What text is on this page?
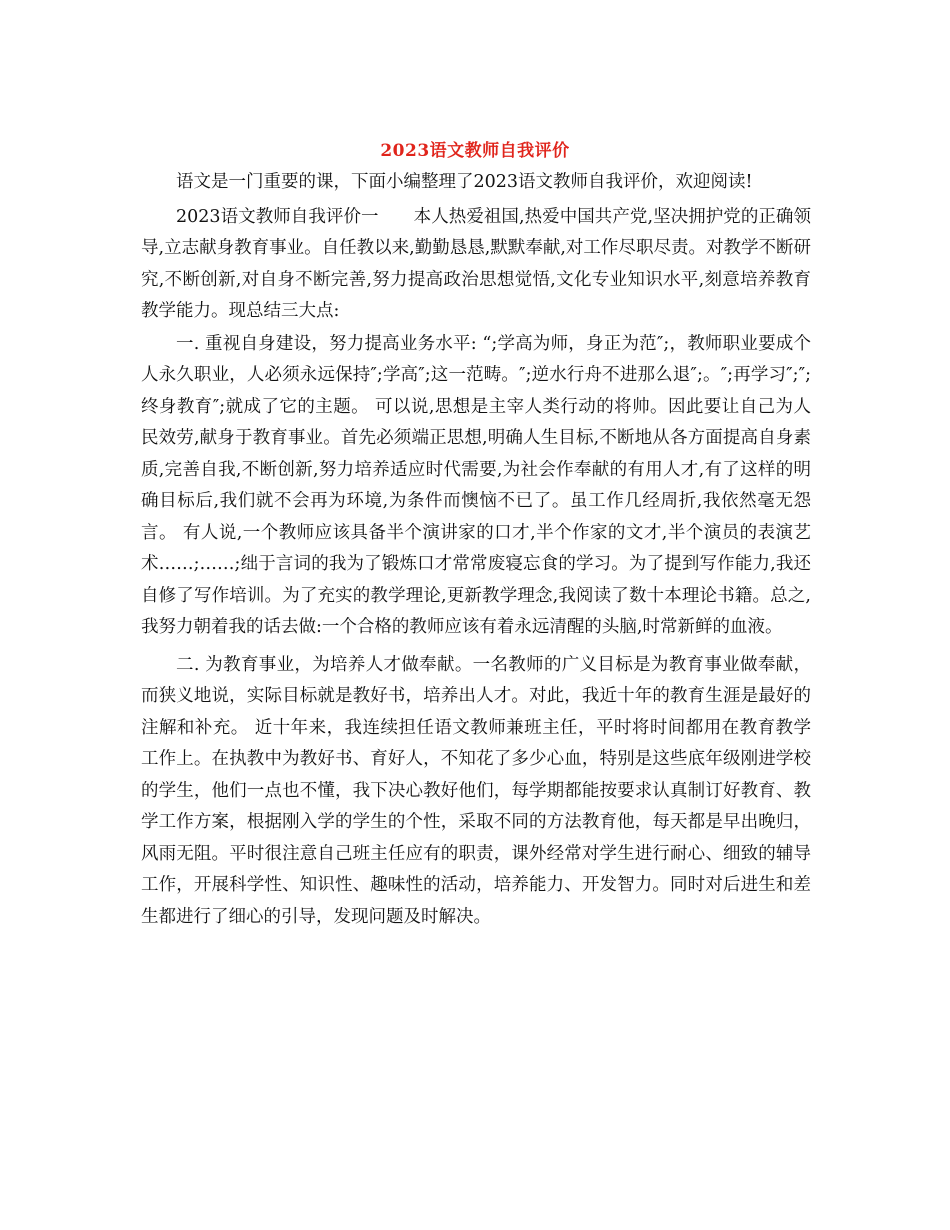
2023语文教师自我评价

语文是一门重要的课，下面小编整理了2023语文教师自我评价，欢迎阅读!

2023语文教师自我评价一　　本人热爱祖国,热爱中国共产党,坚决拥护党的正确领导,立志献身教育事业。自任教以来,勤勤恳恳,默默奉献,对工作尽职尽责。对教学不断研究,不断创新,对自身不断完善,努力提高政治思想觉悟,文化专业知识水平,刻意培养教育教学能力。现总结三大点:

一. 重视自身建设，努力提高业务水平: “;学高为师，身正为范″;，教师职业要成个人永久职业，人必须永远保持″;学高″;这一范畴。″;逆水行舟不进那么退″;。″;再学习″;″;终身教育″;就成了它的主题。 可以说,思想是主宰人类行动的将帅。因此要让自己为人民效劳,献身于教育事业。首先必须端正思想,明确人生目标,不断地从各方面提高自身素质,完善自我,不断创新,努力培养适应时代需要,为社会作奉献的有用人才,有了这样的明确目标后,我们就不会再为环境,为条件而懊恼不已了。虽工作几经周折,我依然毫无怨言。 有人说,一个教师应该具备半个演讲家的口才,半个作家的文才,半个演员的表演艺术……;……;绌于言词的我为了锻炼口才常常废寝忘食的学习。为了提到写作能力,我还自修了写作培训。为了充实的教学理论,更新教学理念,我阅读了数十本理论书籍。总之,我努力朝着我的话去做:一个合格的教师应该有着永远清醒的头脑,时常新鲜的血液。

二. 为教育事业，为培养人才做奉献。一名教师的广义目标是为教育事业做奉献，而狭义地说，实际目标就是教好书，培养出人才。对此，我近十年的教育生涯是最好的注解和补充。 近十年来，我连续担任语文教师兼班主任，平时将时间都用在教育教学工作上。在执教中为教好书、育好人，不知花了多少心血，特别是这些底年级刚进学校的学生，他们一点也不懂，我下决心教好他们，每学期都能按要求认真制订好教育、教学工作方案，根据刚入学的学生的个性，采取不同的方法教育他，每天都是早出晚归，风雨无阻。平时很注意自己班主任应有的职责，课外经常对学生进行耐心、细致的辅导工作，开展科学性、知识性、趣味性的活动，培养能力、开发智力。同时对后进生和差生都进行了细心的引导，发现问题及时解决。
